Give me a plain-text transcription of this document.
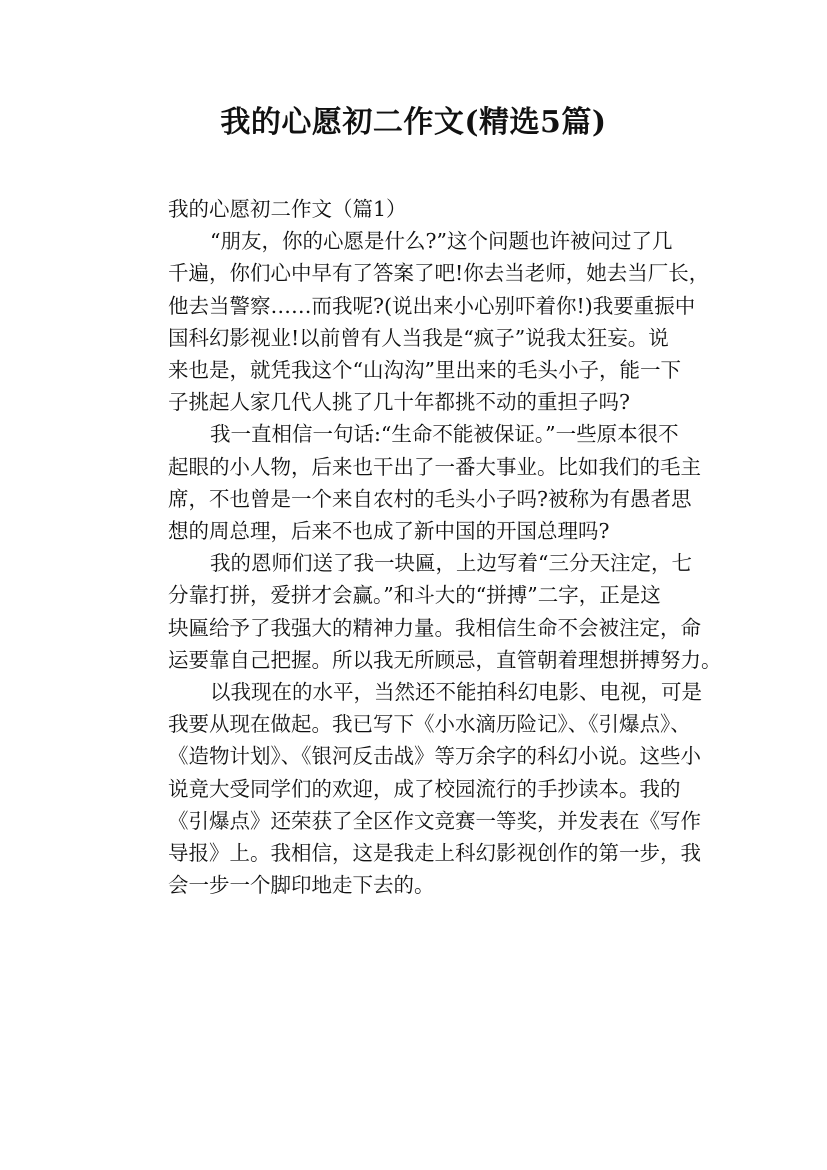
我的心愿初二作文(精选5篇)
我的心愿初二作文（篇1）
“朋友，你的心愿是什么?”这个问题也许被问过了几
千遍，你们心中早有了答案了吧!你去当老师，她去当厂长，
他去当警察……而我呢?(说出来小心别吓着你!)我要重振中
国科幻影视业!以前曾有人当我是“疯子”说我太狂妄。说
来也是，就凭我这个“山沟沟”里出来的毛头小子，能一下
子挑起人家几代人挑了几十年都挑不动的重担子吗?
我一直相信一句话:“生命不能被保证。”一些原本很不
起眼的小人物，后来也干出了一番大事业。比如我们的毛主
席，不也曾是一个来自农村的毛头小子吗?被称为有愚者思
想的周总理，后来不也成了新中国的开国总理吗?
我的恩师们送了我一块匾，上边写着“三分天注定，七
分靠打拼，爱拼才会赢。”和斗大的“拼搏”二字，正是这
块匾给予了我强大的精神力量。我相信生命不会被注定，命
运要靠自己把握。所以我无所顾忌，直管朝着理想拼搏努力。
以我现在的水平，当然还不能拍科幻电影、电视，可是
我要从现在做起。我已写下《小水滴历险记》、《引爆点》、
《造物计划》、《银河反击战》等万余字的科幻小说。这些小
说竟大受同学们的欢迎，成了校园流行的手抄读本。我的
《引爆点》还荣获了全区作文竞赛一等奖，并发表在《写作
导报》上。我相信，这是我走上科幻影视创作的第一步，我
会一步一个脚印地走下去的。
